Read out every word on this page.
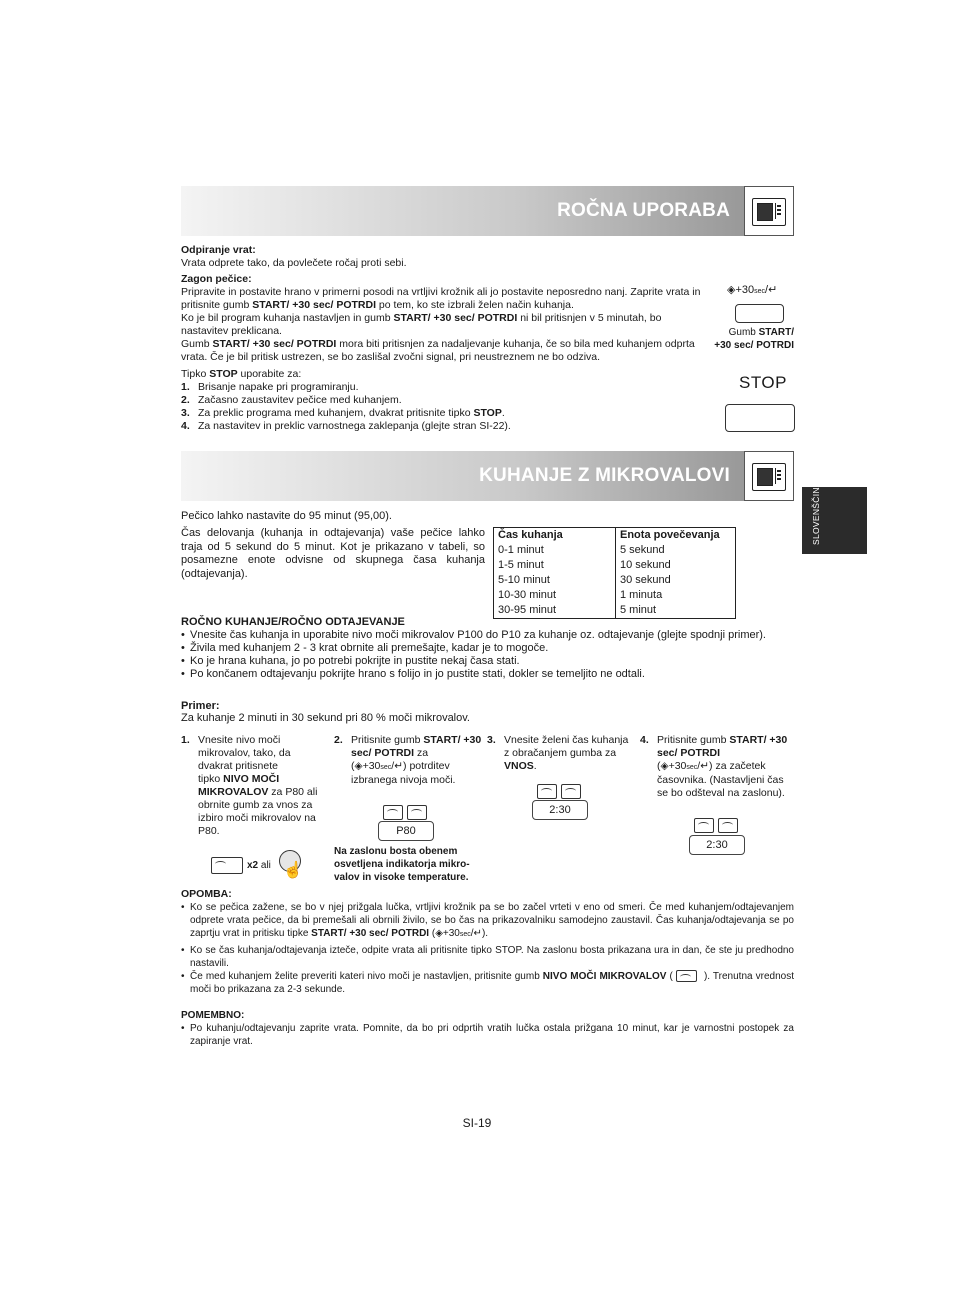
ROČNA UPORABA
Odpiranje vrat:
Vrata odprete tako, da povlečete ročaj proti sebi.
Zagon pečice:
Pripravite in postavite hrano v primerni posodi na vrtljivi krožnik ali jo postavite neposredno nanj. Zaprite vrata in pritisnite gumb START/ +30 sec/ POTRDI po tem, ko ste izbrali želen način kuhanja.
Ko je bil program kuhanja nastavljen in gumb START/ +30 sec/ POTRDI ni bil pritisnjen v 5 minutah, bo nastavitev preklicana.
Gumb START/ +30 sec/ POTRDI mora biti pritisnjen za nadaljevanje kuhanja, če so bila med kuhanjem odprta vrata. Če je bil pritisk ustrezen, se bo zaslišal zvočni signal, pri neustreznem ne bo odziva.
Tipko STOP uporabite za:
1. Brisanje napake pri programiranju.
2. Začasno zaustavitev pečice med kuhanjem.
3. Za preklic programa med kuhanjem, dvakrat pritisnite tipko STOP.
4. Za nastavitev in preklic varnostnega zaklepanja (glejte stran SI-22).
◈+30sec/↵
Gumb START/
+30 sec/ POTRDI
STOP
KUHANJE Z MIKROVALOVI
SLOVENŠČINA
Pečico lahko nastavite do 95 minut (95,00).
Čas delovanja (kuhanja in odtajevanja) vaše pečice lahko traja od 5 sekund do 5 minut. Kot je prikazano v tabeli, so posamezne enote odvisne od skupnega časa kuhanja (odtajevanja).
Čas kuhanja	Enota povečevanja
0-1 minut	5 sekund
1-5 minut	10 sekund
5-10 minut	30 sekund
10-30 minut	1 minuta
30-95 minut	5 minut
ROČNO KUHANJE/ROČNO ODTAJEVANJE
• Vnesite čas kuhanja in uporabite nivo moči mikrovalov P100 do P10 za kuhanje oz. odtajevanje (glejte spodnji primer).
• Živila med kuhanjem 2 - 3 krat obrnite ali premešajte, kadar je to mogoče.
• Ko je hrana kuhana, jo po potrebi pokrijte in pustite nekaj časa stati.
• Po končanem odtajevanju pokrijte hrano s folijo in jo pustite stati, dokler se temeljito ne odtali.
Primer:
Za kuhanje 2 minuti in 30 sekund pri 80 % moči mikrovalov.
1. Vnesite nivo moči
mikrovalov, tako, da
dvakrat pritisnete
tipko NIVO MOČI MIKROVALOV za P80 ali obrnite gumb za vnos za izbiro moči mikrovalov na P80.
x2 ali ☝
2. Pritisnite gumb START/ +30 sec/ POTRDI za
(◈+30sec/↵) potrditev izbranega nivoja moči.
P80
Na zaslonu bosta obenem osvetljena indikatorja mikro-valov in visoke temperature.
3. Vnesite želeni čas kuhanja z obračanjem gumba za VNOS.
2:30
4. Pritisnite gumb START/ +30 sec/ POTRDI
(◈+30sec/↵) za začetek časovnika. (Nastavljeni čas se bo odšteval na zaslonu).
2:30
OPOMBA:
• Ko se pečica zažene, se bo v njej prižgala lučka, vrtljivi krožnik pa se bo začel vrteti v eno od smeri. Če med kuhanjem/odtajevanjem odprete vrata pečice, da bi premešali ali obrnili živilo, se bo čas na prikazovalniku samodejno zaustavil. Čas kuhanja/odtajevanja se po zaprtju vrat in pritisku tipke START/ +30 sec/ POTRDI (◈+30sec/↵).
• Ko se čas kuhanja/odtajevanja izteče, odpite vrata ali pritisnite tipko STOP. Na zaslonu bosta prikazana ura in dan, če ste ju predhodno nastavili.
• Če med kuhanjem želite preveriti kateri nivo moči je nastavljen, pritisnite gumb NIVO MOČI MIKROVALOV (	). Trenutna vrednost moči bo prikazana za 2-3 sekunde.
POMEMBNO:
• Po kuhanju/odtajevanju zaprite vrata. Pomnite, da bo pri odprtih vratih lučka ostala prižgana 10 minut, kar je varnostni postopek za zapiranje vrat.
SI-19
